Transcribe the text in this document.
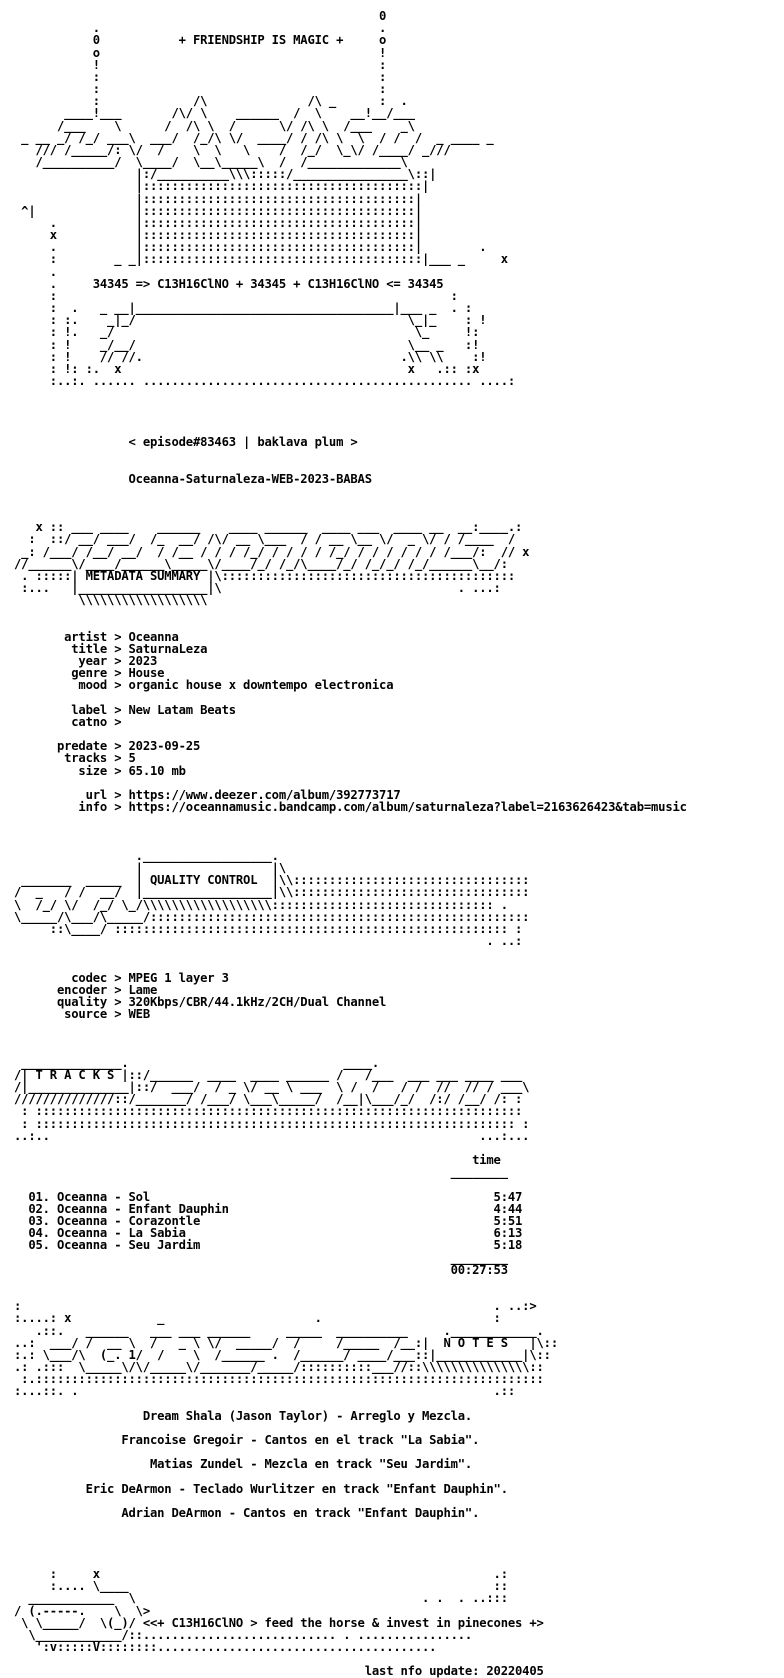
0
.                                       .
0           + FRIENDSHIP IS MAGIC +     o
o                                       !
!                                       :
:                                       :
:                                       :
:             /\              /\ _      :  .
____!___       /\/ \    ______  /  \    __!__/___
/___    \      /  /\ \  /      \/ /\ \  /___    _\
_ __ _/ /_/ ___\  ___/  /_/\ \/  ____/ / /\ \  \  / /  /  _ ____ _
/// /_____/: \/  /    \  \   \    /  /_/  \_\/ /____/ _///
/__________/  \____/  \__\_____\  /  /_____________\
|:/__________\\\:::::/________________\::|
|:::::::::::::::::::::::::::::::::::::::|
|::::::::::::::::::::::::::::::::::::::|
^|              |::::::::::::::::::::::::::::::::::::::|
.           |::::::::::::::::::::::::::::::::::::::|
x           |::::::::::::::::::::::::::::::::::::::|
.           |::::::::::::::::::::::::::::::::::::::|        .
:        _ _|:::::::::::::::::::::::::::::::::::::::|___ _     x
.
.     34345 => C13H16ClNO + 34345 + C13H16ClNO <= 34345
:                                                       :
:  .   _ __|____________________________________|___ _  . :
: :.    _|_/                                      \_|_    : !
: !.   _/                                          \_     !:
: !    _/__/                                      \__ _   :!
: !    // //.                                    .\\ \\    :!
: !: :.  x                                        x   .:: :x
:..:. ...... .............................................. ....:
< episode#83463 | baklava plum >
Oceanna-Saturnaleza-WEB-2023-BABAS
x :: ___ ____    ______    ____ ______  ____ ___  ____ __  __:____.:
:  ::/ __/ ___/  /_  __/ /\/ __ \___  / / __ \__ \/  _ \/ / /____  /
_: /___/ /__/ __/  / /__ / / / /_/ / / / / /_/ / / / / / / /___/:  // x
//______\/____/______\_____\/____/_/ /_/\____/_/ /_/_/ /_/______\__/:
. :::::| METADATA SUMMARY |\:::::::::::::::::::::::::::::::::::::::::
:...   |__________________|\                                 . ...:
\\\\\\\\\\\\\\\\\\
artist > Oceanna
title > SaturnaLeza
year > 2023
genre > House
mood > organic house x downtempo electronica
label > New Latam Beats
catno >
predate > 2023-09-25
tracks > 5
size > 65.10 mb
url > https://www.deezer.com/album/392773717
info > https://oceannamusic.bandcamp.com/album/saturnaleza?label=2163626423&tab=music
.__________________.
|                  |\
_______  _____  | QUALITY CONTROL  |\\:::::::::::::::::::::::::::::::::
/  _   / /  __/  |__________________|\\:::::::::::::::::::::::::::::::::
\  /_/ \/  /_/ \_/\\\\\\\\\\\\\\\\\\::::::::::::::::::::::::::::::: .
\_____/\___/\_____/:::::::::::::::::::::::::::::::::::::::::::::::::::::
::\____/ ::::::::::::::::::::::::::::::::::::::::::::::::::::::: :
. ..:
codec > MPEG 1 layer 3
encoder > Lame
quality > 320Kbps/CBR/44.1kHz/2CH/Dual Channel
source > WEB
______________.                              ____.
/| T R A C K S |::/______  ____  ____ ______ /   /___  ___ ___ ____ ___
/|______________|::/  ___/  / _ \/ __ \ ___  \ /  /   / /  //  // / ___\
//////////////::/_______/ /___/ \___\_____/  /__|\___/_/  /:/ /__/ /: :
: ::::::::::::::::::::::::::::::::::::::::::::::::::::::::::::::::::::
: ::::::::::::::::::::::::::::::::::::::::::::::::::::::::::::::::::: :
..:..                                                            ...:...
time
________
01. Oceanna - Sol                                                5:47
02. Oceanna - Enfant Dauphin                                     4:44
03. Oceanna - Corazontle                                         5:51
04. Oceanna - La Sabia                                           6:13
05. Oceanna - Seu Jardim                                         5:18
________
00:27:53
:                                                                  . ..:>
:....: x            _                     .                        :
.::.   ______   ___ ___ ______     _____  __________     .____________.
..:  ___/ /  __ \  /   _ \ \/  _____/  /     /_____  /__:|  N O T E S   |\::
:.: \___/\  (_. 1/  /    \  /______ .  /______/ ____/___::|____________|\::
.: .:::  \_____\/\/_____\/_______/_____/::::::::::___//::\\\\\\\\\\\\\\\::
:.:::::::::::::::::::::::::::::::::::::::::::::::::::::::::::::::::::::::
:...::. .                                                          .::
Dream Shala (Jason Taylor) - Arreglo y Mezcla.
Francoise Gregoir - Cantos en el track "La Sabia".
Matias Zundel - Mezcla en track "Seu Jardim".
Eric DeArmon - Teclado Wurlitzer en track "Enfant Dauphin".
Adrian DeArmon - Cantos en track "Enfant Dauphin".
:     x                                                       .:
:.... \____                                                   ::
____________  \                                        . .  . ..:::
/ (.-----.    \  \>
\ \_____/  \(_)/ <<+ C13H16ClNO > feed the horse & invest in pinecones +>
\____________/::........................... . ................
':v:::::V::::::::.......................................
last nfo update: 20220405
